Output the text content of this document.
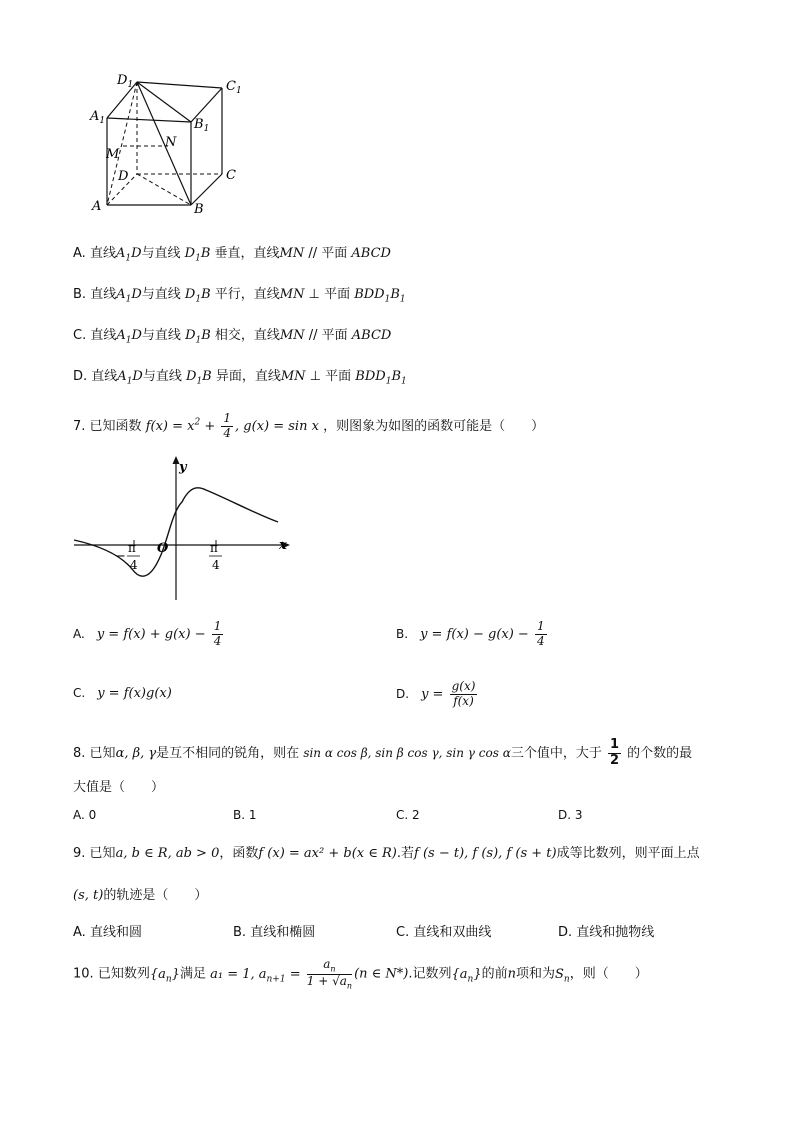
$D_1$	$C_1$
$A_1$	$B_1$
M
N
D	C
A	B
A. 直线$A_1D$与直线 $D_1B$ 垂直，直线MN // 平面 ABCD
B. 直线$A_1D$与直线 $D_1B$ 平行，直线MN ⊥ 平面 $BDD_1B_1$
C. 直线$A_1D$与直线 $D_1B$ 相交，直线MN // 平面 ABCD
D. 直线$A_1D$与直线 $D_1B$ 异面，直线MN ⊥ 平面 $BDD_1B_1$
7. 已知函数 $f(x) = x^2 + \frac{1}{4}$ , g(x) = sin x ，则图象为如图的函数可能是（　　）
y
x
O
−
π
4
π
4
A.　$y = f(x) + g(x) - \frac{1}{4}$	B.　$y = f(x) - g(x) - \frac{1}{4}$
C.　y = f(x)g(x)	D.　$y = \frac{g(x)}{f(x)}$
8. 已知α, β, γ是互不相同的锐角，则在 sin α cos β, sin β cos γ, sin γ cos α三个值中，大于 $\frac{1}{2}$ 的个数的最
大值是（　　）
A. 0	B. 1	C. 2	D. 3
9. 已知a, b ∈ R, ab > 0，函数f (x) = ax² + b(x ∈ R).若f (s − t), f (s), f (s + t)成等比数列，则平面上点
(s, t)的轨迹是（　　）
A. 直线和圆	B. 直线和椭圆	C. 直线和双曲线	D. 直线和抛物线
10. 已知数列$\{a_n\}$满足 a₁ = 1, $a_{n+1} = \frac{a_n}{1 + √a_n} (n$ ∈ N*).记数列$\{a_n\}$的前n项和为$S_n$，则（　　）
